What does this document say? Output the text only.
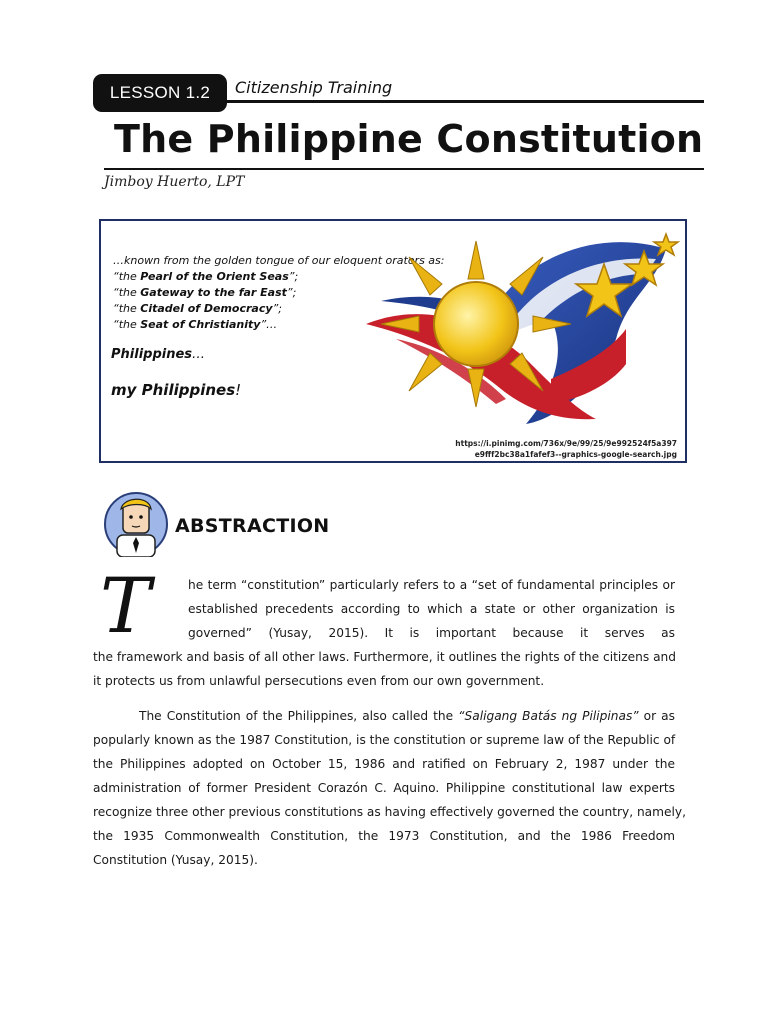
LESSON 1.2	Citizenship Training
The Philippine Constitution
Jimboy Huerto, LPT
…known from the golden tongue of our eloquent orators as:
“the Pearl of the Orient Seas”;
“the Gateway to the far East”;
“the Citadel of Democracy”;
“the Seat of Christianity”…
Philippines…
my Philippines!
https://i.pinimg.com/736x/9e/99/25/9e992524f5a397
e9fff2bc38a1fafef3--graphics-google-search.jpg
ABSTRACTION
T	he term “constitution” particularly refers to a “set of fundamental principles or
established precedents according to which a state or other organization is
governed” (Yusay, 2015). It is important because it serves as
the framework and basis of all other laws. Furthermore, it outlines the rights of the citizens and
it protects us from unlawful persecutions even from our own government.
The Constitution of the Philippines, also called the “Saligang Batás ng Pilipinas” or as
popularly known as the 1987 Constitution, is the constitution or supreme law of the Republic of
the Philippines adopted on October 15, 1986 and ratified on February 2, 1987 under the
administration of former President Corazón C. Aquino. Philippine constitutional law experts
recognize three other previous constitutions as having effectively governed the country, namely,
the 1935 Commonwealth Constitution, the 1973 Constitution, and the 1986 Freedom
Constitution (Yusay, 2015).
